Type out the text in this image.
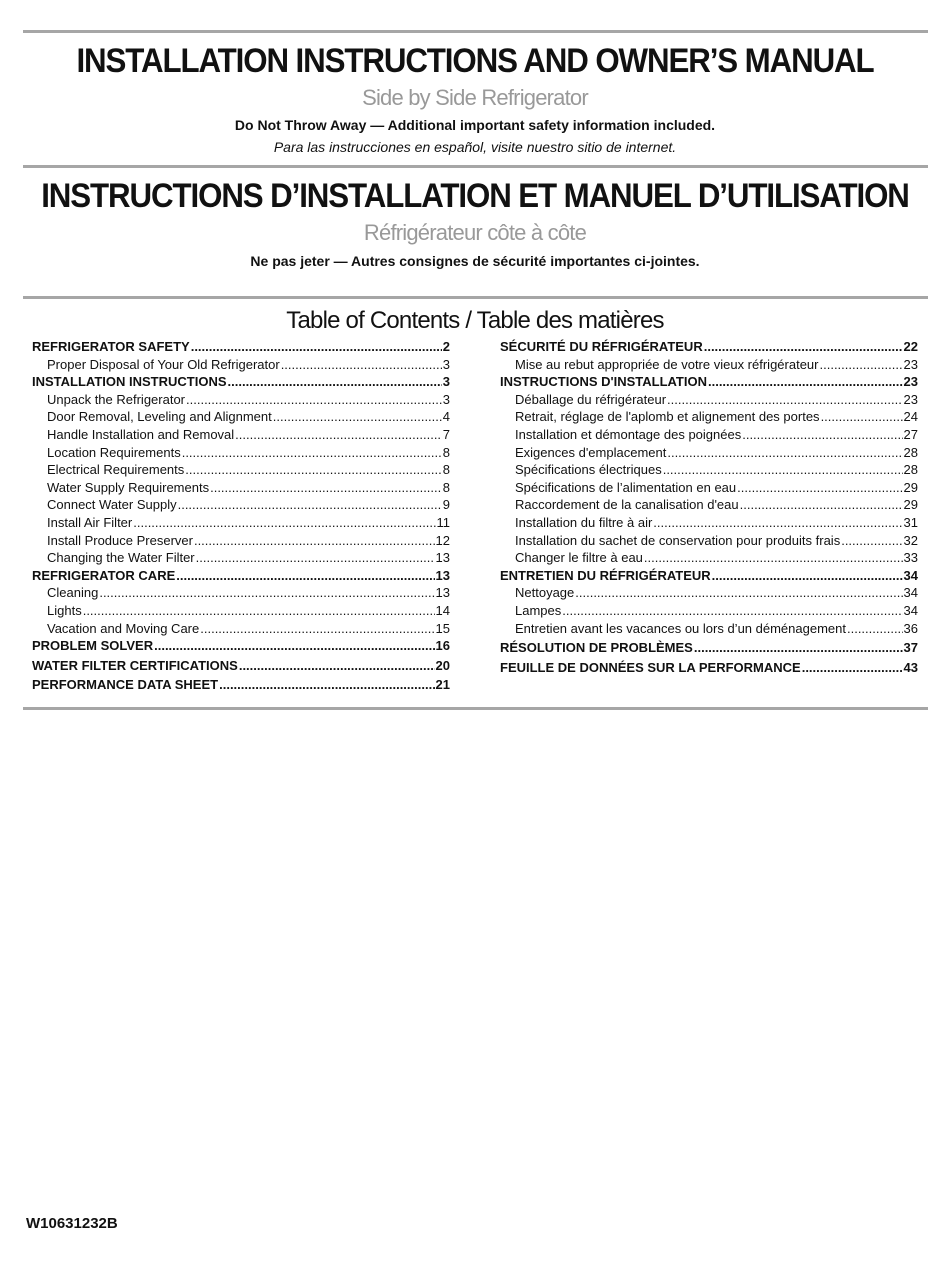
INSTALLATION INSTRUCTIONS AND OWNER’S MANUAL
Side by Side Refrigerator
Do Not Throw Away — Additional important safety information included.
Para las instrucciones en español, visite nuestro sitio de internet.
INSTRUCTIONS D’INSTALLATION ET MANUEL D’UTILISATION
Réfrigérateur côte à côte
Ne pas jeter — Autres consignes de sécurité importantes ci-jointes.
Table of Contents / Table des matières
REFRIGERATOR SAFETY .....	2
Proper Disposal of Your Old Refrigerator .....	3
INSTALLATION INSTRUCTIONS .....	3
Unpack the Refrigerator .....	3
Door Removal, Leveling and Alignment .....	4
Handle Installation and Removal .....	7
Location Requirements .....	8
Electrical Requirements .....	8
Water Supply Requirements .....	8
Connect Water Supply .....	9
Install Air Filter .....	11
Install Produce Preserver .....	12
Changing the Water Filter .....	13
REFRIGERATOR CARE .....	13
Cleaning .....	13
Lights .....	14
Vacation and Moving Care .....	15
PROBLEM SOLVER .....	16
WATER FILTER CERTIFICATIONS .....	20
PERFORMANCE DATA SHEET .....	21
SÉCURITÉ DU RÉFRIGÉRATEUR .....	22
Mise au rebut appropriée de votre vieux réfrigérateur .....	23
INSTRUCTIONS D'INSTALLATION .....	23
Déballage du réfrigérateur .....	23
Retrait, réglage de l'aplomb et alignement des portes .....	24
Installation et démontage des poignées .....	27
Exigences d'emplacement .....	28
Spécifications électriques .....	28
Spécifications de l’alimentation en eau .....	29
Raccordement de la canalisation d'eau .....	29
Installation du filtre à air .....	31
Installation du sachet de conservation pour produits frais .....	32
Changer le filtre à eau .....	33
ENTRETIEN DU RÉFRIGÉRATEUR .....	34
Nettoyage .....	34
Lampes .....	34
Entretien avant les vacances ou lors d’un déménagement .....	36
RÉSOLUTION DE PROBLÈMES .....	37
FEUILLE DE DONNÉES SUR LA PERFORMANCE .....	43
W10631232B
